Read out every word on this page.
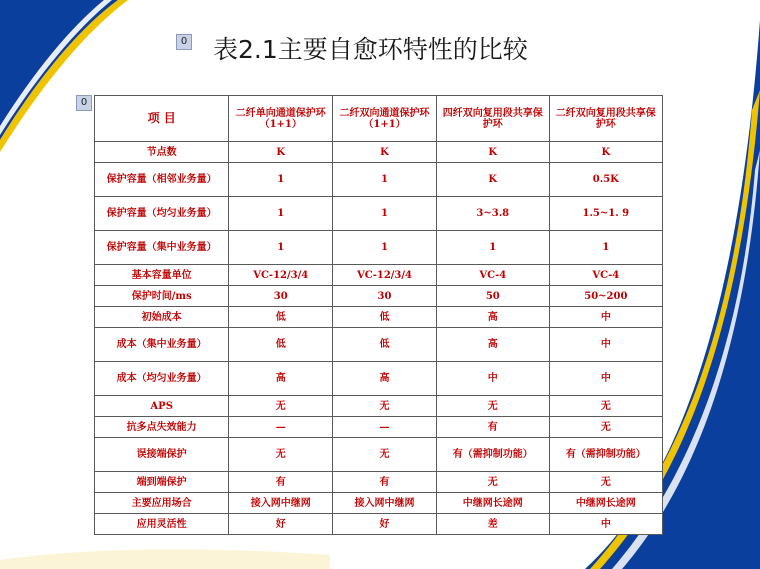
0 表2.1主要自愈环特性的比较
0
项 目	二纤单向通道保护环（1+1）	二纤双向通道保护环（1+1）	四纤双向复用段共享保护环	二纤双向复用段共享保护环
节点数	K	K	K	K
保护容量（相邻业务量）	1	1	K	0.5K
保护容量（均匀业务量）	1	1	3~3.8	1.5~1. 9
保护容量（集中业务量）	1	1	1	1
基本容量单位	VC-12/3/4	VC-12/3/4	VC-4	VC-4
保护时间/ms	30	30	50	50~200
初始成本	低	低	高	中
成本（集中业务量）	低	低	高	中
成本（均匀业务量）	高	高	中	中
APS	无	无	无	无
抗多点失效能力	—	—	有	无
误接端保护	无	无	有（需抑制功能）	有（需抑制功能）
端到端保护	有	有	无	无
主要应用场合	接入网中继网	接入网中继网	中继网长途网	中继网长途网
应用灵活性	好	好	差	中
